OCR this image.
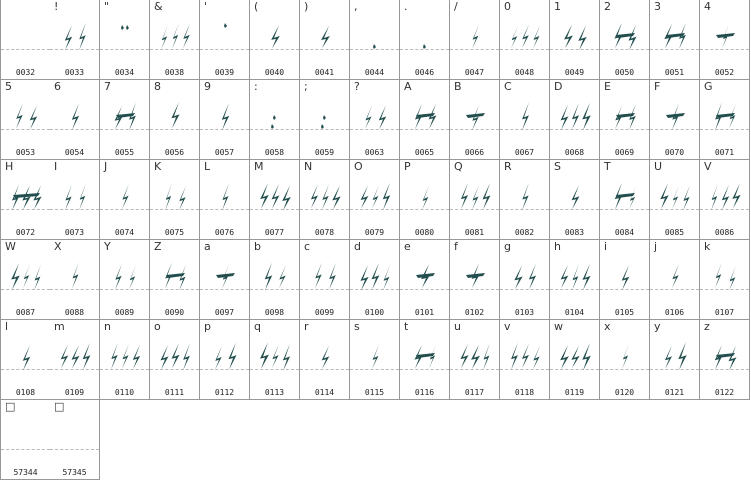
0032
!
0033
"
0034
&
0038
'
0039
(
0040
)
0041
,
0044
.
0046
/
0047
0
0048
1
0049
2
0050
3
0051
4
0052
5
0053
6
0054
7
0055
8
0056
9
0057
:
0058
;
0059
?
0063
A
0065
B
0066
C
0067
D
0068
E
0069
F
0070
G
0071
H
0072
I
0073
J
0074
K
0075
L
0076
M
0077
N
0078
O
0079
P
0080
Q
0081
R
0082
S
0083
T
0084
U
0085
V
0086
W
0087
X
0088
Y
0089
Z
0090
a
0097
b
0098
c
0099
d
0100
e
0101
f
0102
g
0103
h
0104
i
0105
j
0106
k
0107
l
0108
m
0109
n
0110
o
0111
p
0112
q
0113
r
0114
s
0115
t
0116
u
0117
v
0118
w
0119
x
0120
y
0121
z
0122
□
57344
□
57345
